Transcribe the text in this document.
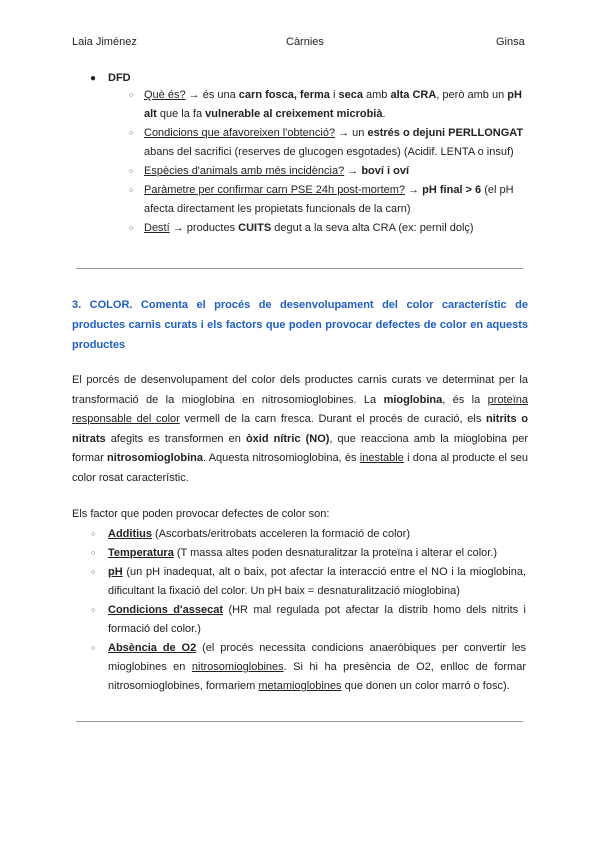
Laia Jiménez	Càrnies	Ginsa
● DFD
○ Què és? → és una carn fosca, ferma i seca amb alta CRA, però amb un pH alt que la fa vulnerable al creixement microbià.
○ Condicions que afavoreixen l'obtenció? → un estrés o dejuni PERLLONGAT abans del sacrifici (reserves de glucogen esgotades) (Acidif. LENTA o insuf)
○ Espècies d'animals amb més incidència? → boví i oví
○ Paràmetre per confirmar carn PSE 24h post-mortem? → pH final > 6 (el pH afecta directament les propietats funcionals de la carn)
○ Destí → productes CUITS degut a la seva alta CRA (ex: pernil dolç)
3. COLOR. Comenta el procés de desenvolupament del color característic de productes carnis curats i els factors que poden provocar defectes de color en aquests productes
El porcés de desenvolupament del color dels productes carnis curats ve determinat per la transformació de la mioglobina en nitrosomioglobines. La mioglobina, és la proteïna responsable del color vermell de la carn fresca. Durant el procés de curació, els nitrits o nitrats afegits es transformen en òxid nítric (NO), que reacciona amb la mioglobina per formar nitrosomioglobina. Aquesta nitrosomioglobina, és inestable i dona al producte el seu color rosat característic.
Els factor que poden provocar defectes de color son:
○ Additius (Ascorbats/eritrobats acceleren la formació de color)
○ Temperatura (T massa altes poden desnaturalitzar la proteïna i alterar el color.)
○ pH (un pH inadequat, alt o baix, pot afectar la interacció entre el NO i la mioglobina, dificultant la fixació del color. Un pH baix = desnaturalització mioglobina)
○ Condicions d'assecat (HR mal regulada pot afectar la distrib homo dels nitrits i formació del color.)
○ Absència de O2 (el procés necessita condicions anaeròbiques per convertir les mioglobines en nitrosomioglobines. Si hi ha presència de O2, enlloc de formar nitrosomioglobines, formariem metamioglobines que donen un color marró o fosc).
